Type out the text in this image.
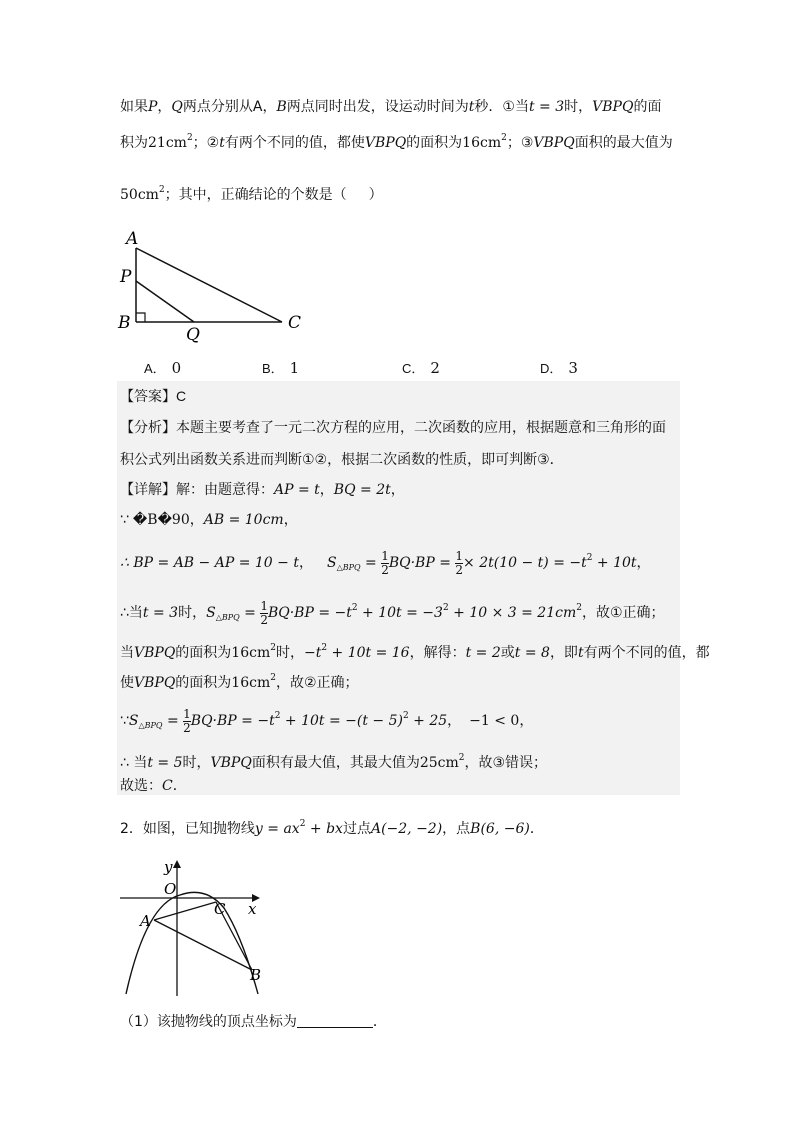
如果P，Q两点分别从A，B两点同时出发，设运动时间为t秒．①当t = 3时，VBPQ的面
积为$21cm^2$；②t有两个不同的值，都使VBPQ的面积为$16cm^2$；③VBPQ面积的最大值为
$50cm^2$；其中，正确结论的个数是（ ）
A
P
B
Q
C
A． 0	B． 1	C． 2	D． 3
【答案】C
【分析】本题主要考查了一元二次方程的应用，二次函数的应用，根据题意和三角形的面
积公式列出函数关系进而判断①②，根据二次函数的性质，即可判断③．
【详解】解：由题意得：AP = t，BQ = 2t，
∵ �B�90，AB = 10cm，
∴ BP = AB − AP = 10 − t， $S_{\triangle BPQ} = \frac{1}{2} BQ\cdot BP = \frac{1}{2} \times 2t(10 - t) = -t^2 + 10t$，
∴当t = 3时，$S_{\triangle BPQ} = \frac{1}{2} BQ\cdot BP = -t^2 + 10t = -3^2 + 10 \times 3 = 21cm^2$，故①正确；
当VBPQ的面积为$16cm^2$时，$-t^2 + 10t = 16$，解得：t = 2或t = 8，即t有两个不同的值，都
使VBPQ的面积为$16cm^2$，故②正确；
$\because S_{\triangle BPQ} = \frac{1}{2} BQ\cdot BP = -t^2 + 10t = -(t - 5)^2 + 25$， −1 < 0，
∴ 当t = 5时，VBPQ面积有最大值，其最大值为$25cm^2$，故③错误；
故选：C．
2．如图，已知抛物线$y = ax^2$ + bx过点A(−2, −2)，点B(6, −6)．
y
O
x
A
C
B
（1）该抛物线的顶点坐标为	．
